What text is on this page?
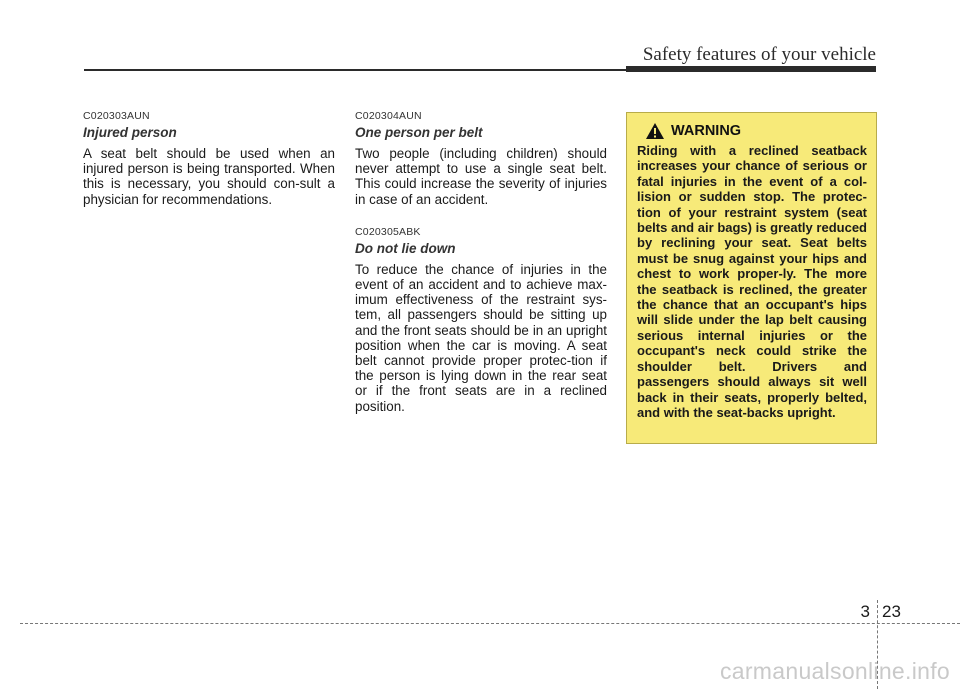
Safety features of your vehicle
C020303AUN
Injured person
A seat belt should be used when an injured person is being transported. When this is necessary, you should con-sult a physician for recommendations.
C020304AUN
One person per belt
Two people (including children) should never attempt to use a single seat belt. This could increase the severity of injuries in case of an accident.
C020305ABK
Do not lie down
To reduce the chance of injuries in the event of an accident and to achieve max-imum effectiveness of the restraint sys-tem, all passengers should be sitting up and the front seats should be in an upright position when the car is moving. A seat belt cannot provide proper protec-tion if the person is lying down in the rear seat or if the front seats are in a reclined position.
WARNING
Riding with a reclined seatback increases your chance of serious or fatal injuries in the event of a col-lision or sudden stop. The protec-tion of your restraint system (seat belts and air bags) is greatly reduced by reclining your seat. Seat belts must be snug against your hips and chest to work proper-ly. The more the seatback is reclined, the greater the chance that an occupant's hips will slide under the lap belt causing serious internal injuries or the occupant's neck could strike the shoulder belt. Drivers and passengers should always sit well back in their seats, properly belted, and with the seat-backs upright.
3 23
carmanualsonline.info
